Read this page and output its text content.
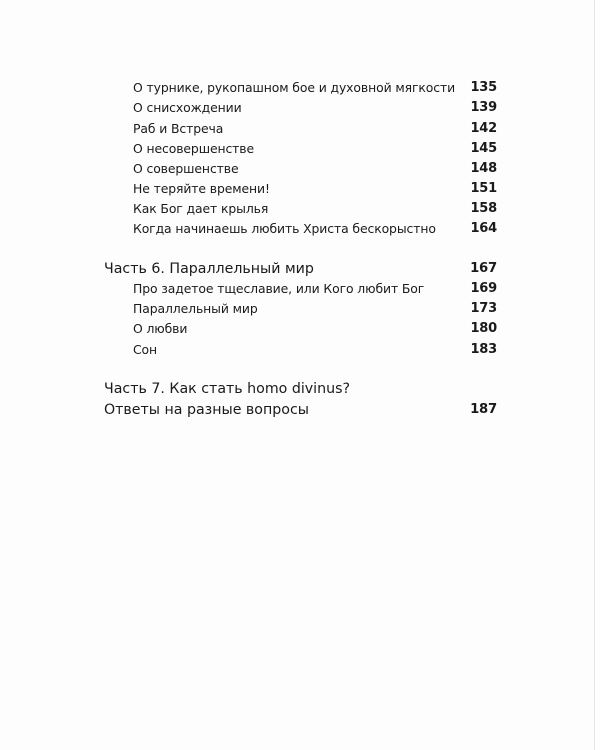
О турнике, рукопашном бое и духовной мягкости 135
О снисхождении	139
Раб и Встреча	142
О несовершенстве	145
О совершенстве	148
Не теряйте времени!	151
Как Бог дает крылья	158
Когда начинаешь любить Христа бескорыстно	164
Часть 6. Параллельный мир	167
Про задетое тщеславие, или Кого любит Бог	169
Параллельный мир	173
О любви	180
Сон	183
Часть 7. Как стать homo divinus?
Ответы на разные вопросы	187
